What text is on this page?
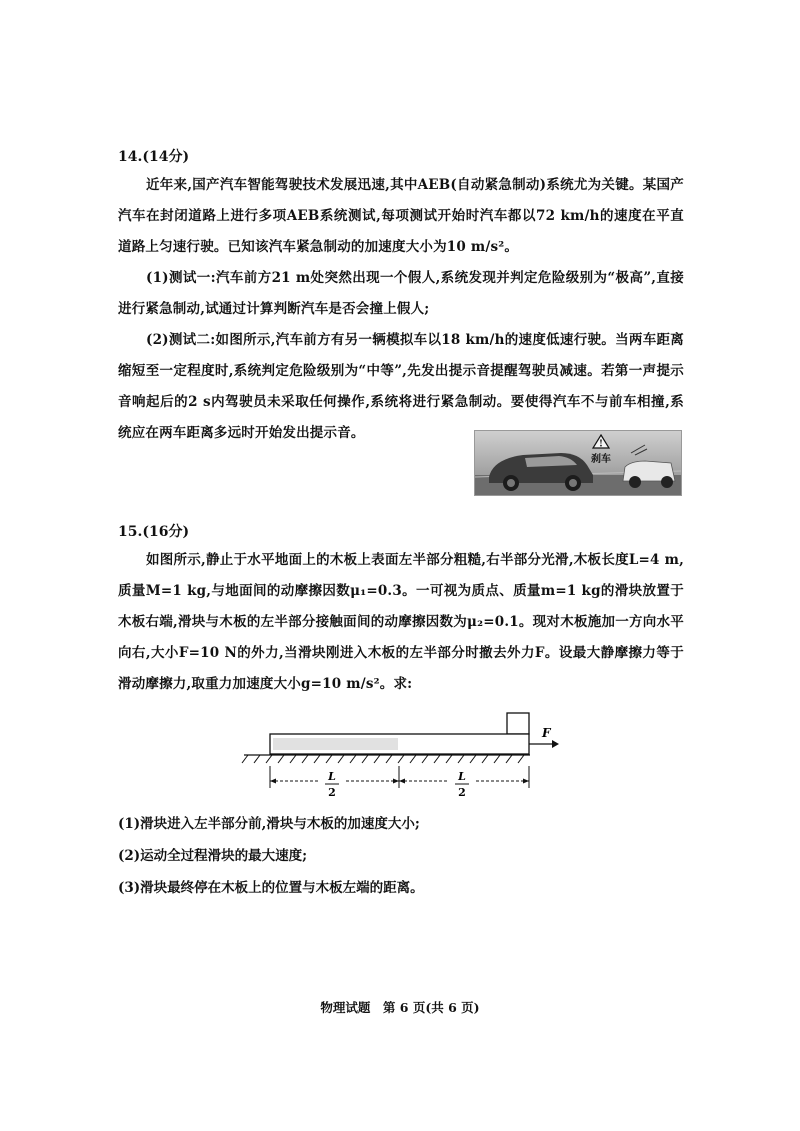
14.(14分)
近年来,国产汽车智能驾驶技术发展迅速,其中AEB(自动紧急制动)系统尤为关键。某国产汽车在封闭道路上进行多项AEB系统测试,每项测试开始时汽车都以72 km/h的速度在平直道路上匀速行驶。已知该汽车紧急制动的加速度大小为10 m/s²。
(1)测试一:汽车前方21 m处突然出现一个假人,系统发现并判定危险级别为“极高”,直接进行紧急制动,试通过计算判断汽车是否会撞上假人;
(2)测试二:如图所示,汽车前方有另一辆模拟车以18 km/h的速度低速行驶。当两车距离缩短至一定程度时,系统判定危险级别为“中等”,先发出提示音提醒驾驶员减速。若第一声提示音响起后的2 s内驾驶员未采取任何操作,系统将进行紧急制动。要使得汽车不与前车相撞,系统应在两车距离多远时开始发出提示音。
!
刹车
15.(16分)
如图所示,静止于水平地面上的木板上表面左半部分粗糙,右半部分光滑,木板长度L=4 m,质量M=1 kg,与地面间的动摩擦因数μ₁=0.3。一可视为质点、质量m=1 kg的滑块放置于木板右端,滑块与木板的左半部分接触面间的动摩擦因数为μ₂=0.1。现对木板施加一方向水平向右,大小F=10 N的外力,当滑块刚进入木板的左半部分时撤去外力F。设最大静摩擦力等于滑动摩擦力,取重力加速度大小g=10 m/s²。求:
F
L
2
L
2
(1)滑块进入左半部分前,滑块与木板的加速度大小;
(2)运动全过程滑块的最大速度;
(3)滑块最终停在木板上的位置与木板左端的距离。
物理试题　第 6 页(共 6 页)
